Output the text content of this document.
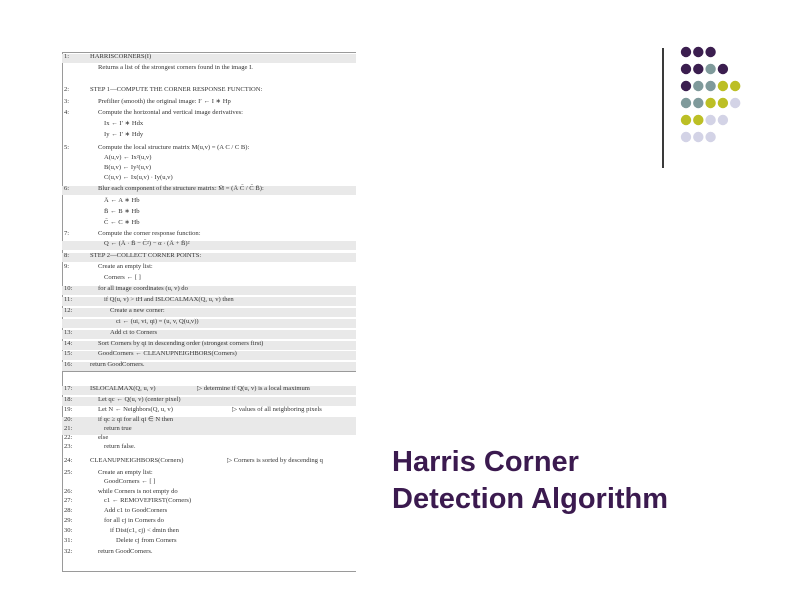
1:	HARRISCORNERS(I)
Returns a list of the strongest corners found in the image I.
2:	STEP 1—COMPUTE THE CORNER RESPONSE FUNCTION:
3:	Prefilter (smooth) the original image: I′ ← I ∗ Hp
4:	Compute the horizontal and vertical image derivatives:
Ix ← I′ ∗ Hdx
Iy ← I′ ∗ Hdy
5:	Compute the local structure matrix M(u,v) = (A C / C B):
A(u,v) ← Ix²(u,v)
B(u,v) ← Iy²(u,v)
C(u,v) ← Ix(u,v) · Iy(u,v)
6:	Blur each component of the structure matrix: M̄ = (Ā C̄ / C̄ B̄):
Ā ← A ∗ Hb
B̄ ← B ∗ Hb
C̄ ← C ∗ Hb
7:	Compute the corner response function:
Q ← (Ā · B̄ − C̄²) − α · (Ā + B̄)²
8:	STEP 2—COLLECT CORNER POINTS:
9:	Create an empty list:
Corners ← [ ]
10:	for all image coordinates (u, v) do
11:	if Q(u, v) > tH and ISLOCALMAX(Q, u, v) then
12:	Create a new corner:
ci ← (ui, vi, qi) = (u, v, Q(u,v))
13:	Add ci to Corners
14:	Sort Corners by qi in descending order (strongest corners first)
15:	GoodCorners ← CLEANUPNEIGHBORS(Corners)
16:	return GoodCorners.
17:	ISLOCALMAX(Q, u, v)	▷ determine if Q(u, v) is a local maximum
18:	Let qc ← Q(u, v) (center pixel)
19:	Let N ← Neighbors(Q, u, v)	▷ values of all neighboring pixels
20:	if qc ≥ qi for all qi ∈ N then
21:	return true
22:	else
23:	return false.
24:	CLEANUPNEIGHBORS(Corners)	▷ Corners is sorted by descending q
25:	Create an empty list:
GoodCorners ← [ ]
26:	while Corners is not empty do
27:	c1 ← REMOVEFIRST(Corners)
28:	Add c1 to GoodCorners
29:	for all cj in Corners do
30:	if Dist(c1, cj) < dmin then
31:	Delete cj from Corners
32:	return GoodCorners.
Harris Corner
Detection Algorithm
